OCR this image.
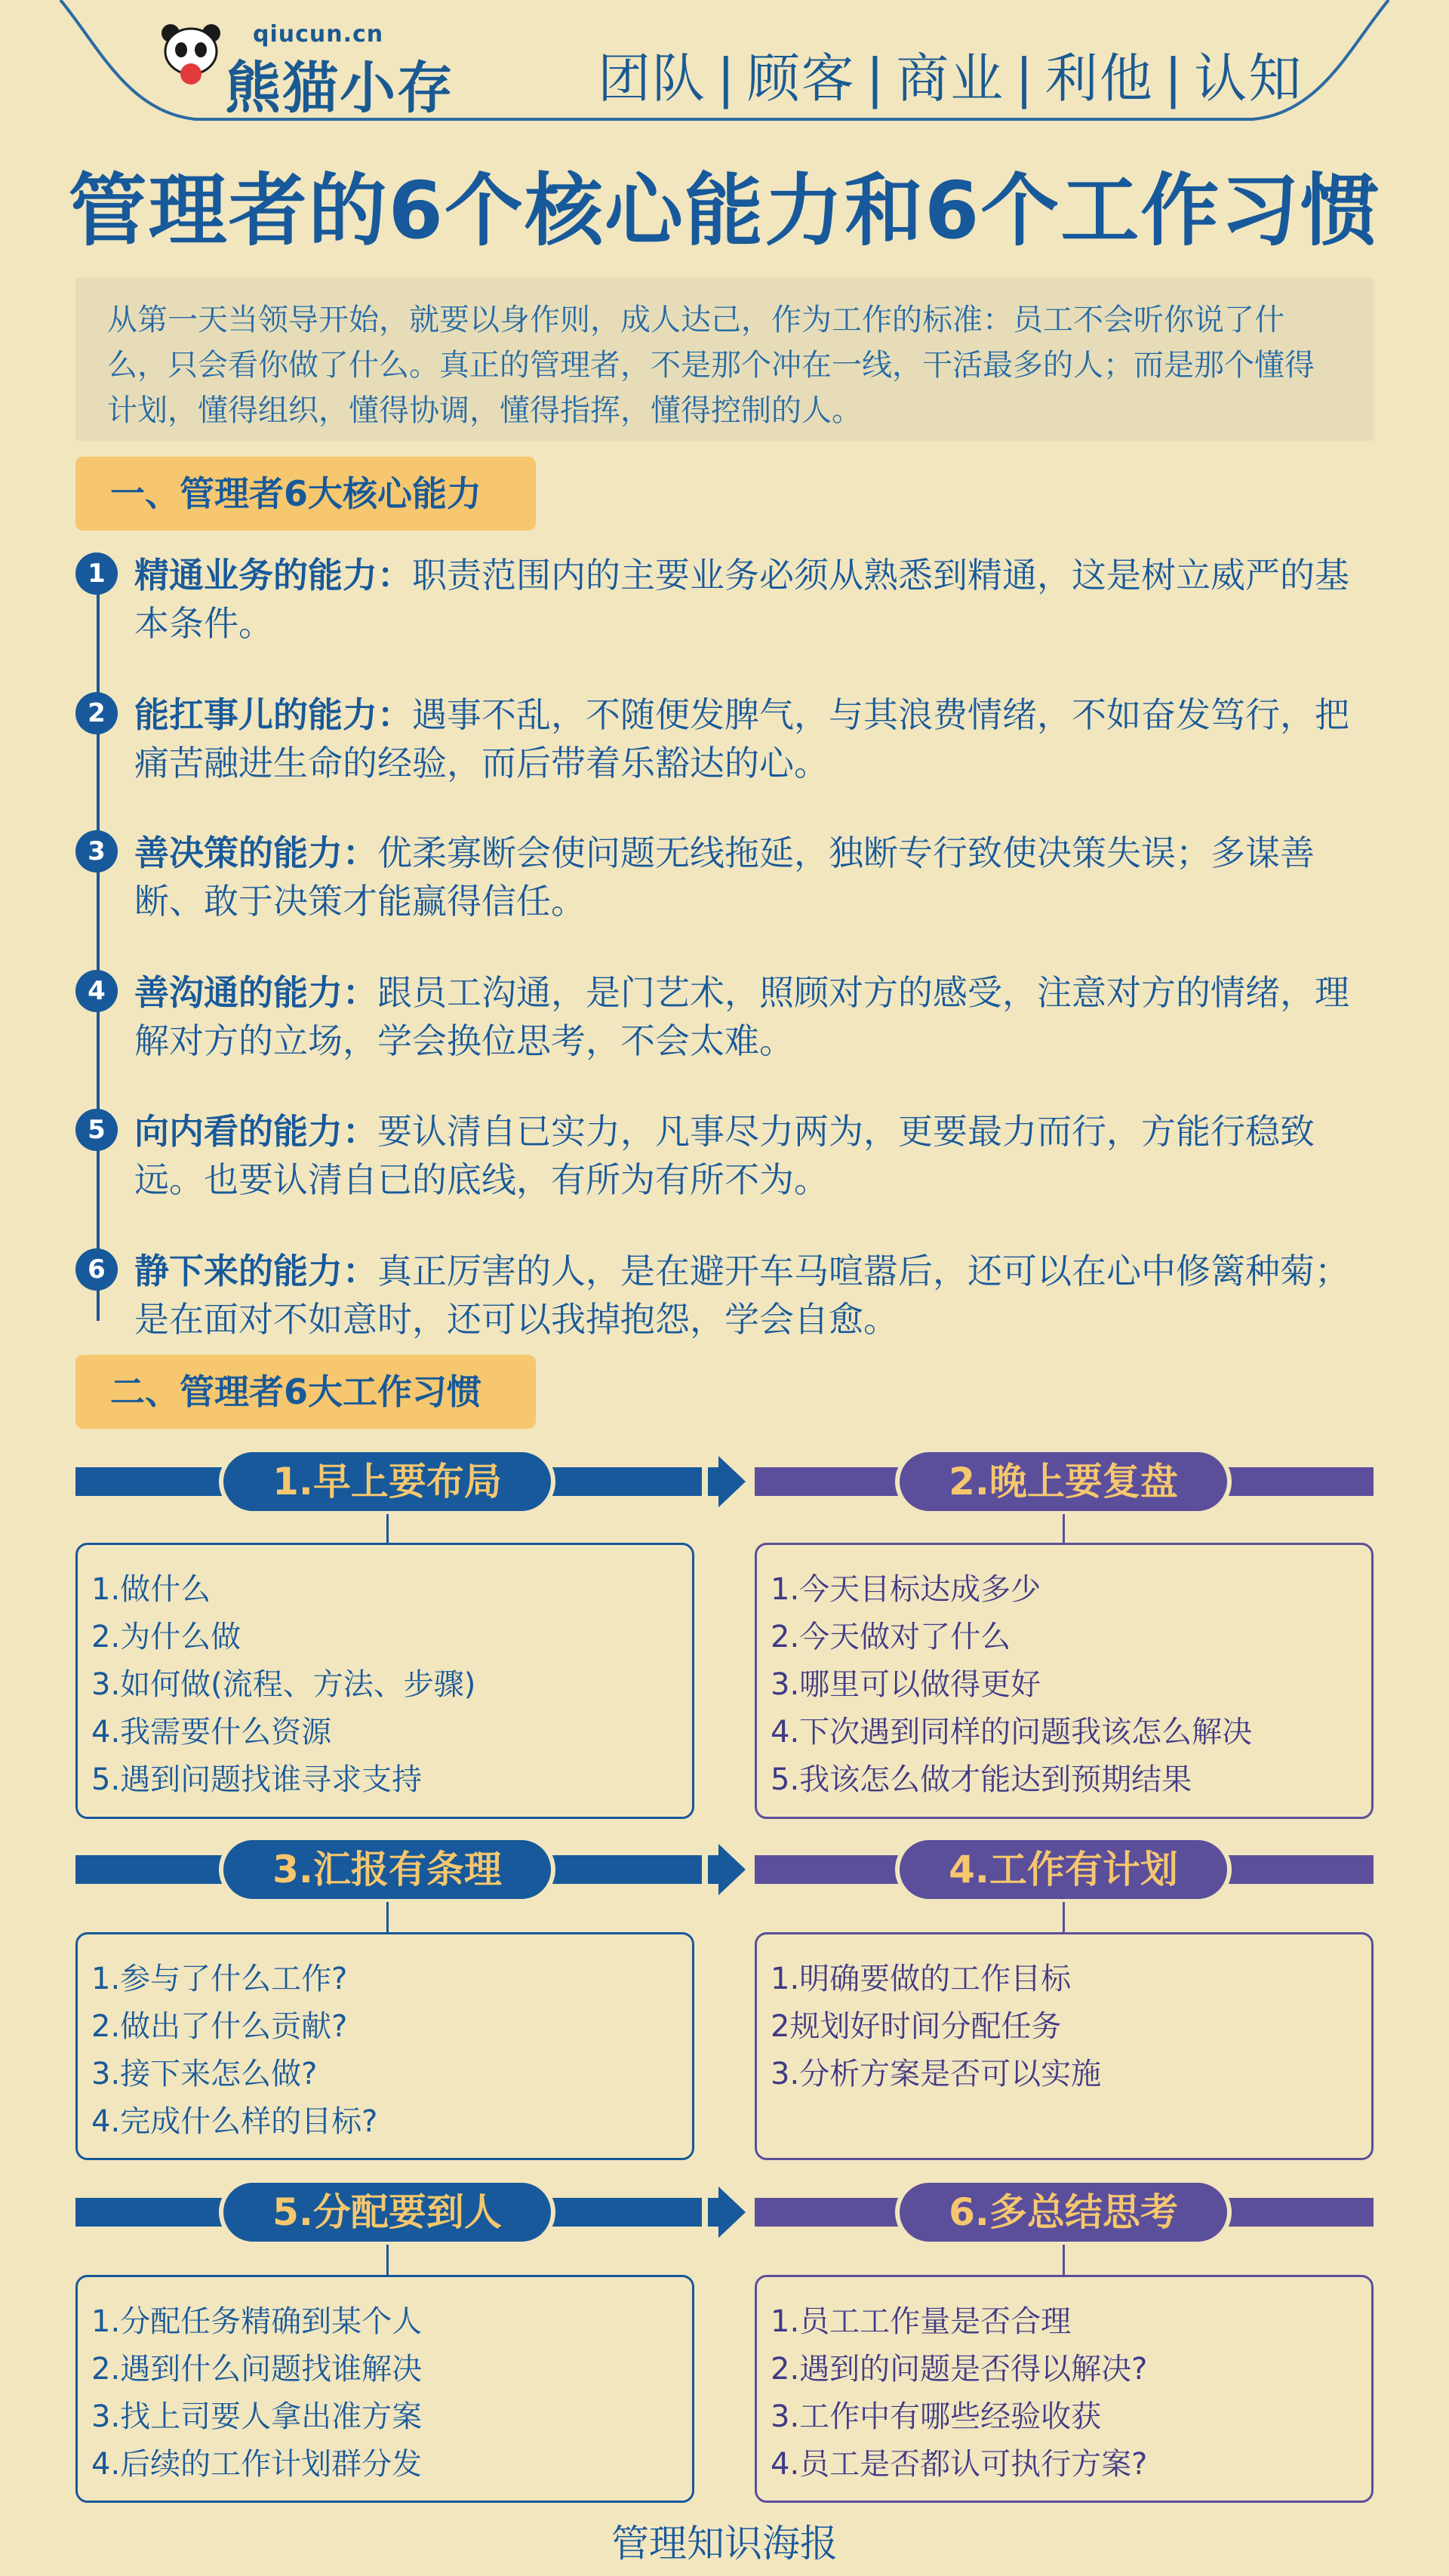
qiucun.cn
熊猫小存	团队 | 顾客 | 商业 | 利他 | 认知
管理者的6个核心能力和6个工作习惯
从第一天当领导开始，就要以身作则，成人达己，作为工作的标准：员工不会听你说了什么，只会看你做了什么。真正的管理者，不是那个冲在一线，干活最多的人；而是那个懂得计划，懂得组织，懂得协调，懂得指挥，懂得控制的人。
一、管理者6大核心能力
1 精通业务的能力：职责范围内的主要业务必须从熟悉到精通，这是树立威严的基本条件。
2 能扛事儿的能力：遇事不乱，不随便发脾气，与其浪费情绪，不如奋发笃行，把痛苦融进生命的经验，而后带着乐豁达的心。
3 善决策的能力：优柔寡断会使问题无线拖延，独断专行致使决策失误；多谋善断、敢于决策才能赢得信任。
4 善沟通的能力：跟员工沟通，是门艺术，照顾对方的感受，注意对方的情绪，理解对方的立场，学会换位思考，不会太难。
5 向内看的能力：要认清自已实力，凡事尽力两为，更要最力而行，方能行稳致远。也要认清自已的底线，有所为有所不为。
6 静下来的能力：真正厉害的人，是在避开车马喧嚣后，还可以在心中修篱种菊；是在面对不如意时，还可以我掉抱怨，学会自愈。
二、管理者6大工作习惯
1.早上要布局	2.晚上要复盘
1.做什么
2.为什么做
3.如何做(流程、方法、步骤)
4.我需要什么资源
5.遇到问题找谁寻求支持
1.今天目标达成多少
2.今天做对了什么
3.哪里可以做得更好
4.下次遇到同样的问题我该怎么解决
5.我该怎么做才能达到预期结果
3.汇报有条理	4.工作有计划
1.参与了什么工作?
2.做出了什么贡献?
3.接下来怎么做?
4.完成什么样的目标?
1.明确要做的工作目标
2规划好时间分配任务
3.分析方案是否可以实施
5.分配要到人	6.多总结思考
1.分配任务精确到某个人
2.遇到什么问题找谁解决
3.找上司要人拿出准方案
4.后续的工作计划群分发
1.员工工作量是否合理
2.遇到的问题是否得以解决?
3.工作中有哪些经验收获
4.员工是否都认可执行方案?
管理知识海报
